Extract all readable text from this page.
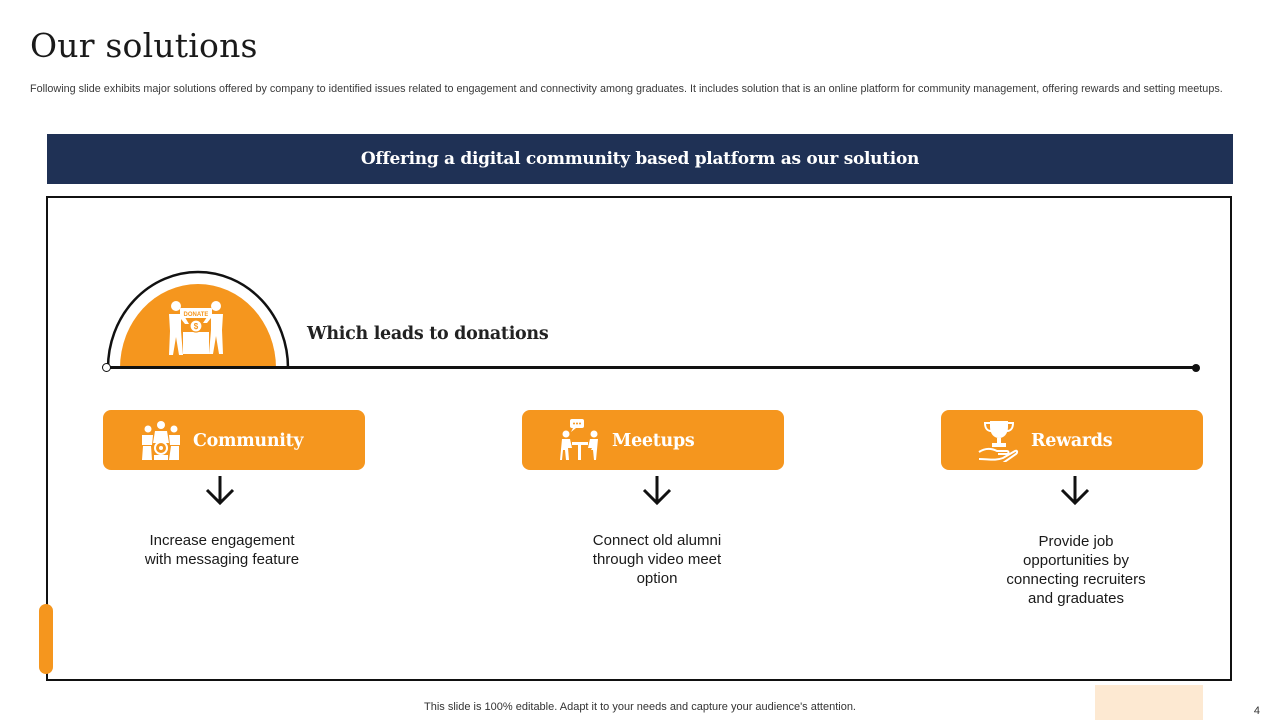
Our solutions
Following slide exhibits major solutions offered by company to identified issues related to engagement and connectivity among graduates. It includes solution that is an online platform for community management, offering rewards and setting meetups.
Offering a digital community based platform as our solution
DONATE
$	Which leads to donations
Community	Meetups	Rewards
Increase engagement with messaging feature
Connect old alumni through video meet option
Provide job opportunities by connecting recruiters and graduates
This slide is 100% editable. Adapt it to your needs and capture your audience's attention.	4
